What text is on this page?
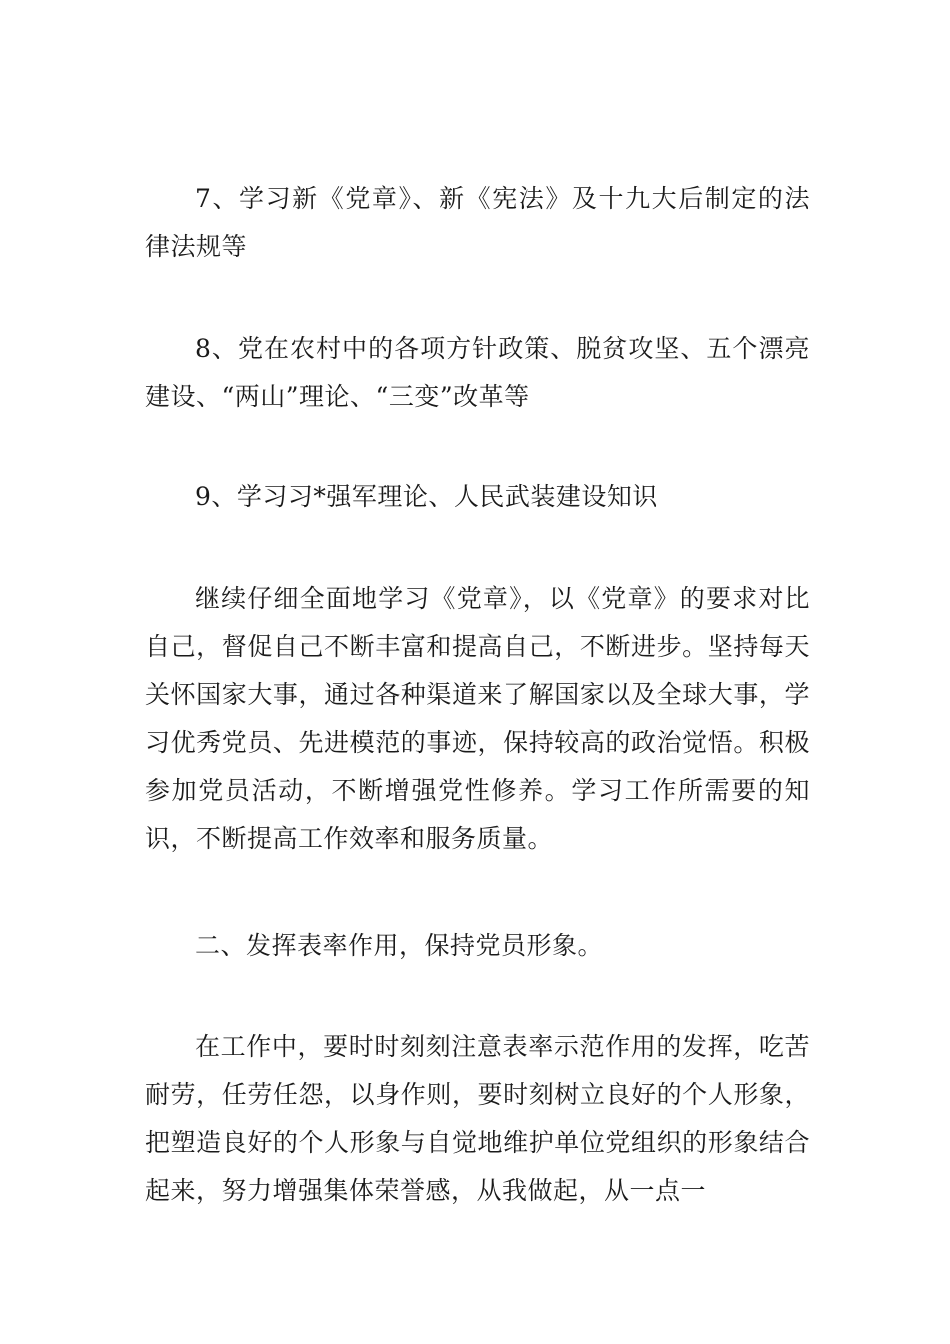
7、学习新《党章》、新《宪法》及十九大后制定的法律法规等

8、党在农村中的各项方针政策、脱贫攻坚、五个漂亮建设、“两山”理论、“三变”改革等

9、学习习*强军理论、人民武装建设知识

继续仔细全面地学习《党章》，以《党章》的要求对比自己，督促自己不断丰富和提高自己，不断进步。坚持每天关怀国家大事，通过各种渠道来了解国家以及全球大事，学习优秀党员、先进模范的事迹，保持较高的政治觉悟。积极参加党员活动，不断增强党性修养。学习工作所需要的知识，不断提高工作效率和服务质量。

二、发挥表率作用，保持党员形象。

在工作中，要时时刻刻注意表率示范作用的发挥，吃苦耐劳，任劳任怨，以身作则，要时刻树立良好的个人形象，把塑造良好的个人形象与自觉地维护单位党组织的形象结合起来，努力增强集体荣誉感，从我做起，从一点一
